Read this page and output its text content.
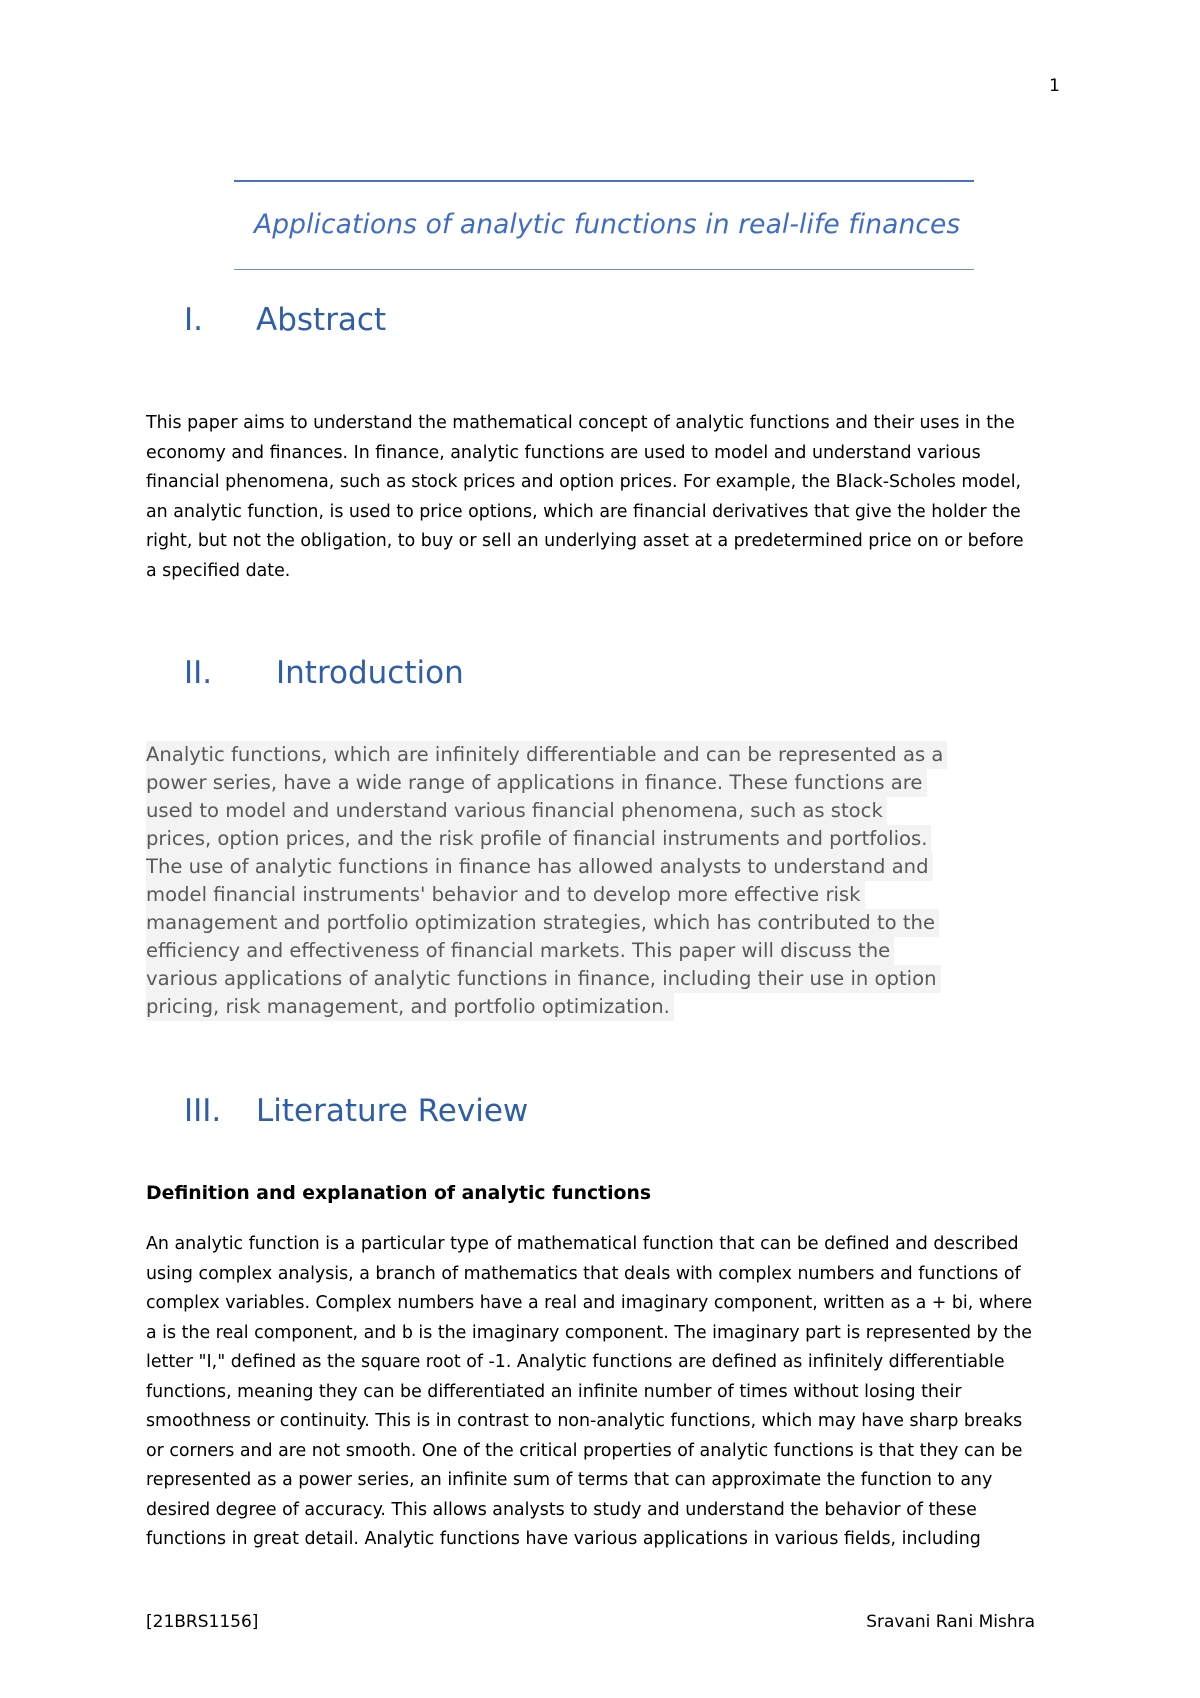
1
Applications of analytic functions in real-life finances
I. Abstract

This paper aims to understand the mathematical concept of analytic functions and their uses in the
economy and finances. In finance, analytic functions are used to model and understand various
financial phenomena, such as stock prices and option prices. For example, the Black-Scholes model,
an analytic function, is used to price options, which are financial derivatives that give the holder the
right, but not the obligation, to buy or sell an underlying asset at a predetermined price on or before
a specified date.

II. Introduction

Analytic functions, which are infinitely differentiable and can be represented as a
power series, have a wide range of applications in finance. These functions are
used to model and understand various financial phenomena, such as stock
prices, option prices, and the risk profile of financial instruments and portfolios.
The use of analytic functions in finance has allowed analysts to understand and
model financial instruments' behavior and to develop more effective risk
management and portfolio optimization strategies, which has contributed to the
efficiency and effectiveness of financial markets. This paper will discuss the
various applications of analytic functions in finance, including their use in option
pricing, risk management, and portfolio optimization.

III. Literature Review
Definition and explanation of analytic functions

An analytic function is a particular type of mathematical function that can be defined and described
using complex analysis, a branch of mathematics that deals with complex numbers and functions of
complex variables. Complex numbers have a real and imaginary component, written as a + bi, where
a is the real component, and b is the imaginary component. The imaginary part is represented by the
letter "I," defined as the square root of -1. Analytic functions are defined as infinitely differentiable
functions, meaning they can be differentiated an infinite number of times without losing their
smoothness or continuity. This is in contrast to non-analytic functions, which may have sharp breaks
or corners and are not smooth. One of the critical properties of analytic functions is that they can be
represented as a power series, an infinite sum of terms that can approximate the function to any
desired degree of accuracy. This allows analysts to study and understand the behavior of these
functions in great detail. Analytic functions have various applications in various fields, including

[21BRS1156]	Sravani Rani Mishra
